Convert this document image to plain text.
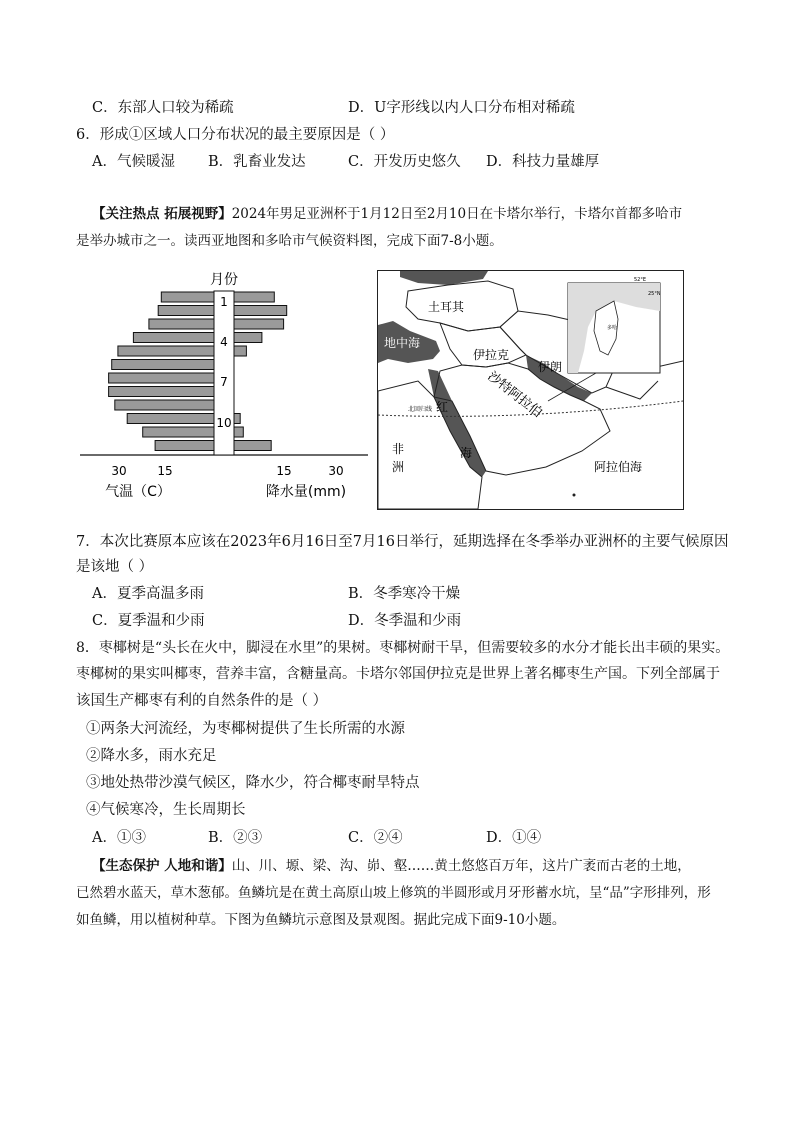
C．东部人口较为稀疏	D．U字形线以内人口分布相对稀疏
6．形成①区域人口分布状况的最主要原因是（ ）
A．气候暖湿 B．乳畜业发达	C．开发历史悠久 D．科技力量雄厚
【关注热点 拓展视野】2024年男足亚洲杯于1月12日至2月10日在卡塔尔举行，卡塔尔首都多哈市
是举办城市之一。读西亚地图和多哈市气候资料图，完成下面7-8小题。
月份
1
4
7
10
30	15	15	30
气温（C）	降水量(mm)
北回归线
25°N
52°E
多哈
土耳其
地中海
伊拉克
伊朗
沙特阿拉伯
红
海
非
洲	阿拉伯海
7．本次比赛原本应该在2023年6月16日至7月16日举行，延期选择在冬季举办亚洲杯的主要气候原因
是该地（ ）
A．夏季高温多雨	B．冬季寒冷干燥
C．夏季温和少雨	D．冬季温和少雨
8．枣椰树是“头长在火中，脚浸在水里”的果树。枣椰树耐干旱，但需要较多的水分才能长出丰硕的果实。
枣椰树的果实叫椰枣，营养丰富，含糖量高。卡塔尔邻国伊拉克是世界上著名椰枣生产国。下列全部属于
该国生产椰枣有利的自然条件的是（ ）
①两条大河流经，为枣椰树提供了生长所需的水源
②降水多，雨水充足
③地处热带沙漠气候区，降水少，符合椰枣耐旱特点
④气候寒冷，生长周期长
A．①③	B．②③	C．②④	D．①④
【生态保护 人地和谐】山、川、塬、梁、沟、峁、壑……黄土悠悠百万年，这片广袤而古老的土地，
已然碧水蓝天，草木葱郁。鱼鳞坑是在黄土高原山坡上修筑的半圆形或月牙形蓄水坑，呈“品”字形排列，形
如鱼鳞，用以植树种草。下图为鱼鳞坑示意图及景观图。据此完成下面9-10小题。
